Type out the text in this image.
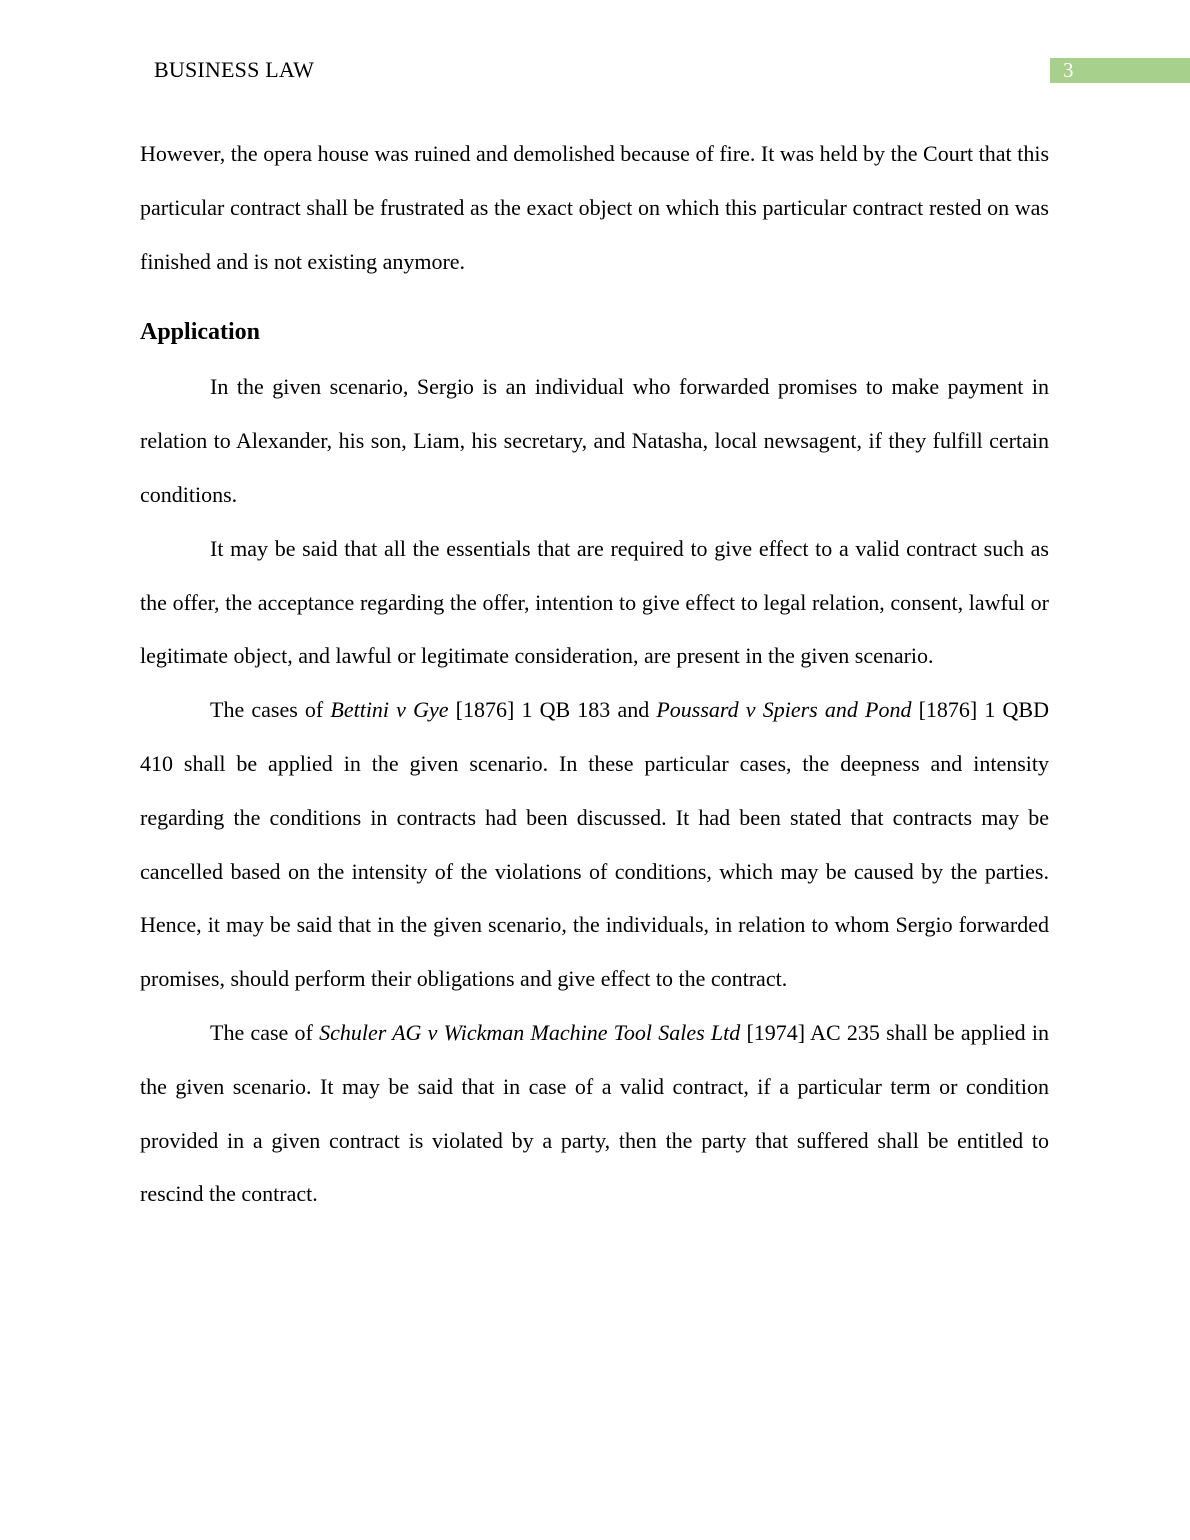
BUSINESS LAW	3

However, the opera house was ruined and demolished because of fire. It was held by the Court that this particular contract shall be frustrated as the exact object on which this particular contract rested on was finished and is not existing anymore.

Application

In the given scenario, Sergio is an individual who forwarded promises to make payment in relation to Alexander, his son, Liam, his secretary, and Natasha, local newsagent, if they fulfill certain conditions.

It may be said that all the essentials that are required to give effect to a valid contract such as the offer, the acceptance regarding the offer, intention to give effect to legal relation, consent, lawful or legitimate object, and lawful or legitimate consideration, are present in the given scenario.

The cases of Bettini v Gye [1876] 1 QB 183 and Poussard v Spiers and Pond [1876] 1 QBD 410 shall be applied in the given scenario. In these particular cases, the deepness and intensity regarding the conditions in contracts had been discussed. It had been stated that contracts may be cancelled based on the intensity of the violations of conditions, which may be caused by the parties. Hence, it may be said that in the given scenario, the individuals, in relation to whom Sergio forwarded promises, should perform their obligations and give effect to the contract.

The case of Schuler AG v Wickman Machine Tool Sales Ltd [1974] AC 235 shall be applied in the given scenario. It may be said that in case of a valid contract, if a particular term or condition provided in a given contract is violated by a party, then the party that suffered shall be entitled to rescind the contract.
